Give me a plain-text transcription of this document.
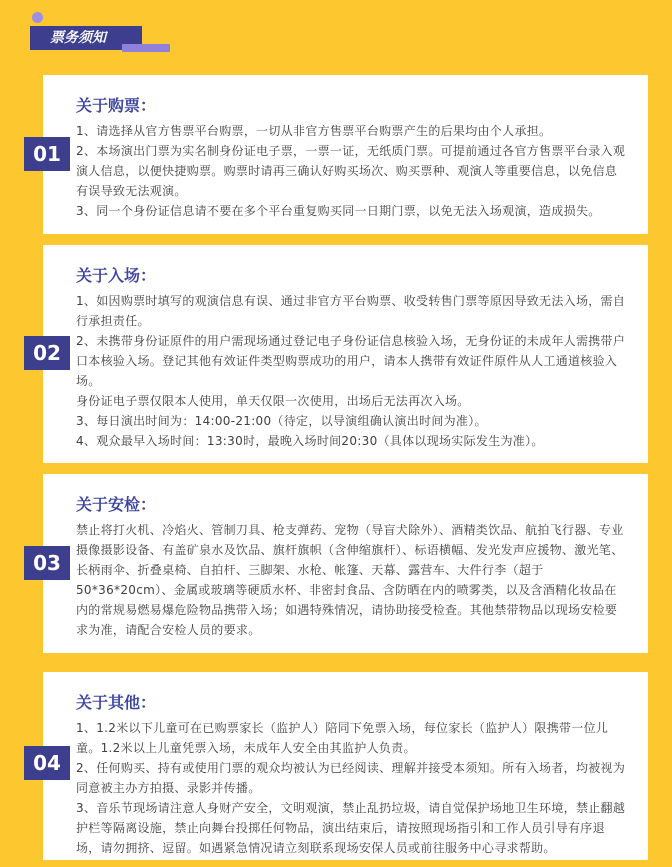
票务须知
关于购票：

1、请选择从官方售票平台购票，一切从非官方售票平台购票产生的后果均由个人承担。

2、本场演出门票为实名制身份证电子票，一票一证，无纸质门票。可提前通过各官方售票平台录入观演人信息，以便快捷购票。购票时请再三确认好购买场次、购买票种、观演人等重要信息，以免信息有误导致无法观演。

3、同一个身份证信息请不要在多个平台重复购买同一日期门票，以免无法入场观演，造成损失。

01
关于入场：

1、如因购票时填写的观演信息有误、通过非官方平台购票、收受转售门票等原因导致无法入场，需自行承担责任。

2、未携带身份证原件的用户需现场通过登记电子身份证信息核验入场，无身份证的未成年人需携带户口本核验入场。登记其他有效证件类型购票成功的用户，请本人携带有效证件原件从人工通道核验入场。

身份证电子票仅限本人使用，单天仅限一次使用，出场后无法再次入场。

3、每日演出时间为：14:00-21:00（待定，以导演组确认演出时间为准）。

4、观众最早入场时间：13:30时，最晚入场时间20:30（具体以现场实际发生为准）。

02
关于安检：

禁止将打火机、冷焰火、管制刀具、枪支弹药、宠物（导盲犬除外）、酒精类饮品、航拍飞行器、专业摄像摄影设备、有盖矿泉水及饮品、旗杆旗帜（含伸缩旗杆）、标语横幅、发光发声应援物、激光笔、长柄雨伞、折叠桌椅、自拍杆、三脚架、水枪、帐篷、天幕、露营车、大件行李（超于50*36*20cm）、金属或玻璃等硬质水杯、非密封食品、含防晒在内的喷雾类，以及含酒精化妆品在内的常规易燃易爆危险物品携带入场；如遇特殊情况，请协助接受检查。其他禁带物品以现场安检要求为准，请配合安检人员的要求。

03
关于其他：

1、1.2米以下儿童可在已购票家长（监护人）陪同下免票入场，每位家长（监护人）限携带一位儿童。1.2米以上儿童凭票入场，未成年人安全由其监护人负责。

2、任何购买、持有或使用门票的观众均被认为已经阅读、理解并接受本须知。所有入场者，均被视为同意被主办方拍摄、录影并传播。

3、音乐节现场请注意人身财产安全，文明观演，禁止乱扔垃圾，请自觉保护场地卫生环境，禁止翻越护栏等隔离设施，禁止向舞台投掷任何物品，演出结束后，请按照现场指引和工作人员引导有序退场，请勿拥挤、逗留。如遇紧急情况请立刻联系现场安保人员或前往服务中心寻求帮助。

04
